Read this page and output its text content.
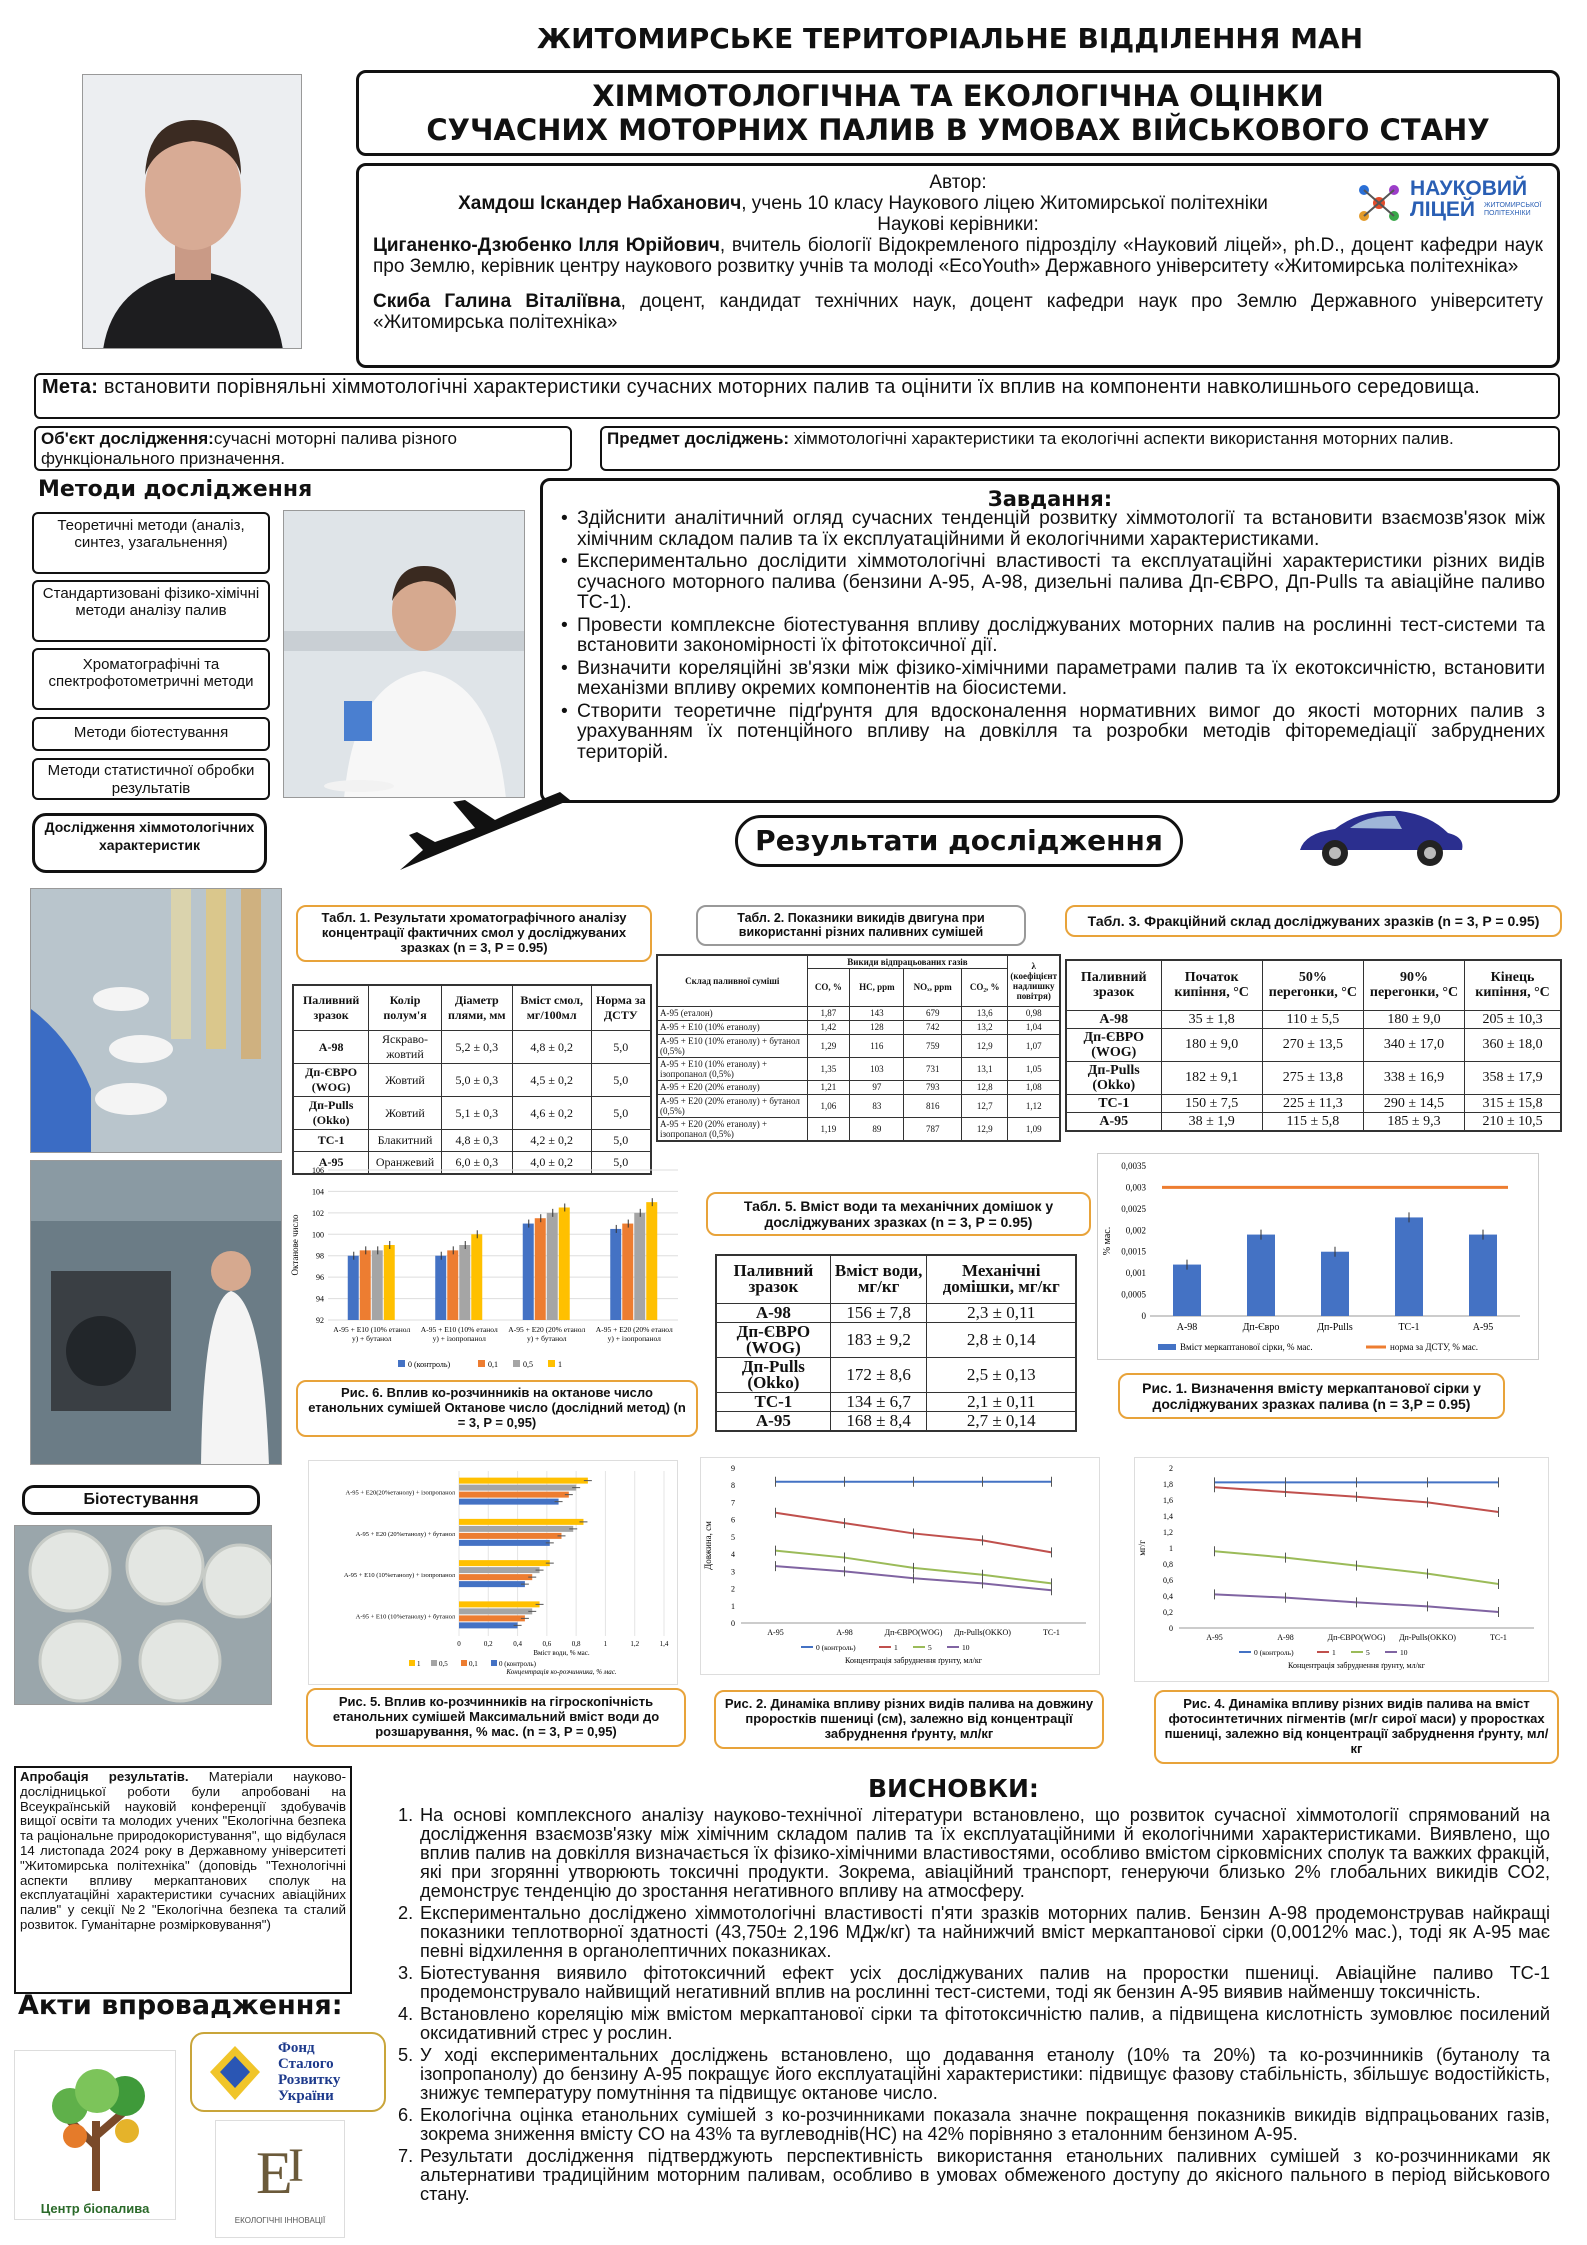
ЖИТОМИРСЬКЕ ТЕРИТОРІАЛЬНЕ ВІДДІЛЕННЯ МАН
ХІММОТОЛОГІЧНА ТА ЕКОЛОГІЧНА ОЦІНКИ
СУЧАСНИХ МОТОРНИХ ПАЛИВ В УМОВАХ ВІЙСЬКОВОГО СТАНУ
Автор:
Хамдош Іскандер Набханович, учень 10 класу Наукового ліцею Житомирської політехніки
Наукові керівники:
Циганенко-Дзюбенко Ілля Юрійович, вчитель біології Відокремленого підрозділу «Науковий ліцей», ph.D., доцент кафедри наук про Землю, керівник центру наукового розвитку учнів та молоді «EcoYouth» Державного університету «Житомирська політехніка»
Скиба Галина Віталіївна, доцент, кандидат технічних наук, доцент кафедри наук про Землю Державного університету «Житомирська політехніка»
НАУКОВИЙ
ЛІЦЕЙ ЖИТОМИРСЬКОЇ ПОЛІТЕХНІКИ
Мета: встановити порівняльні хіммотологічні характеристики сучасних моторних палив та оцінити їх вплив на компоненти навколишнього середовища.
Об'єкт дослідження:сучасні моторні палива різного функціонального призначення.
Предмет досліджень: хіммотологічні характеристики та екологічні аспекти використання моторних палив.
Методи дослідження
Теоретичні методи (аналіз, синтез, узагальнення)
Стандартизовані фізико-хімічні методи аналізу палив
Хроматографічні та спектрофотометричні методи
Методи біотестування
Методи статистичної обробки результатів
Завдання:
• Здійснити аналітичний огляд сучасних тенденцій розвитку хіммотології та встановити взаємозв'язок між хімічним складом палив та їх експлуатаційними й екологічними характеристиками.
• Експериментально дослідити хіммотологічні властивості та експлуатаційні характеристики різних видів сучасного моторного палива (бензини А-95, А-98, дизельні палива Дп-ЄВРО, Дп-Pulls та авіаційне паливо ТС-1).
• Провести комплексне біотестування впливу досліджуваних моторних палив на рослинні тест-системи та встановити закономірності їх фітотоксичної дії.
• Визначити кореляційні зв'язки між фізико-хімічними параметрами палив та їх екотоксичністю, встановити механізми впливу окремих компонентів на біосистеми.
• Створити теоретичне підґрунтя для вдосконалення нормативних вимог до якості моторних палив з урахуванням їх потенційного впливу на довкілля та розробки методів фіторемедіації забруднених територій.
Дослідження хіммотологічних характеристик	Результати дослідження
Табл. 1. Результати хроматографічного аналізу концентрації фактичних смол у досліджуваних зразках (n = 3, P = 0.95)
Паливний зразок	Колір полум'я	Діаметр плями, мм	Вміст смол, мг/100мл	Норма за ДСТУ
А-98	Яскраво-жовтий	5,2 ± 0,3	4,8 ± 0,2	5,0
Дп-ЄВРО (WOG)	Жовтий	5,0 ± 0,3	4,5 ± 0,2	5,0
Дп-Pulls (Okko)	Жовтий	5,1 ± 0,3	4,6 ± 0,2	5,0
ТС-1	Блакитний	4,8 ± 0,3	4,2 ± 0,2	5,0
А-95	Оранжевий	6,0 ± 0,3	4,0 ± 0,2	5,0
Табл. 2. Показники викидів двигуна при використанні різних паливних сумішей
Склад паливної суміші	Викиди відпрацьованих газів				λ (коефіцієнт надлишку повітря)
	CO, %	HC, ppm	NOₓ, ppm	CO₂, %	
А-95 (еталон)	1,87	143	679	13,6	0,98
А-95 + Е10 (10% етанолу)	1,42	128	742	13,2	1,04
А-95 + Е10 (10% етанолу) + бутанол (0,5%)	1,29	116	759	12,9	1,07
А-95 + Е10 (10% етанолу) + ізопропанол (0,5%)	1,35	103	731	13,1	1,05
А-95 + Е20 (20% етанолу)	1,21	97	793	12,8	1,08
А-95 + Е20 (20% етанолу) + бутанол (0,5%)	1,06	83	816	12,7	1,12
А-95 + Е20 (20% етанолу) + ізопропанол (0,5%)	1,19	89	787	12,9	1,09
Табл. 3. Фракційний склад досліджуваних зразків (n = 3, P = 0.95)
Паливний зразок	Початок кипіння, °C	50% перегонки, °C	90% перегонки, °C	Кінець кипіння, °C
А-98	35 ± 1,8	110 ± 5,5	180 ± 9,0	205 ± 10,3
Дп-ЄВРО (WOG)	180 ± 9,0	270 ± 13,5	340 ± 17,0	360 ± 18,0
Дп-Pulls (Okko)	182 ± 9,1	275 ± 13,8	338 ± 16,9	358 ± 17,9
ТС-1	150 ± 7,5	225 ± 11,3	290 ± 14,5	315 ± 15,8
А-95	38 ± 1,9	115 ± 5,8	185 ± 9,3	210 ± 10,5
Октанове число
92
94
96
98
100
102
104
106
А-95 + Е10 (10% етанол
у) + бутанол
А-95 + Е10 (10% етанол
у) + ізопропанол
А-95 + Е20 (20% етанол
у) + бутанол
А-95 + Е20 (20% етанол
у) + ізопропанол
0 (контроль)	0,1	0,5	1
Рис. 6. Вплив ко-розчинників на октанове число етанольних сумішей Октанове число (дослідний метод) (n = 3, P = 0,95)
Табл. 5. Вміст води та механічних домішок у досліджуваних зразках (n = 3, P = 0.95)
Паливний зразок	Вміст води, мг/кг	Механічні домішки, мг/кг
А-98	156 ± 7,8	2,3 ± 0,11
Дп-ЄВРО (WOG)	183 ± 9,2	2,8 ± 0,14
Дп-Pulls (Okko)	172 ± 8,6	2,5 ± 0,13
ТС-1	134 ± 6,7	2,1 ± 0,11
А-95	168 ± 8,4	2,7 ± 0,14
% мас.
0
0,0005
0,001
0,0015
0,002
0,0025
0,003
0,0035
А-98	Дп-Євро	Дп-Pulls	ТС-1	А-95
Вміст меркаптанової сірки, % мас.	норма за ДСТУ, % мас.
Рис. 1. Визначення вмісту меркаптанової сірки у досліджуваних зразках палива (n = 3,P = 0.95)
Біотестування
0	0,2	0,4	0,6	0,8	1	1,2	1,4
Вміст води, % мас.
Концентрація ко-розчинника, % мас.
А-95 + Е10 (10%етанолу) + бутанол
А-95 + Е10 (10%етанолу) + ізопропанол
А-95 + Е20 (20%етанолу) + бутанол
А-95 + Е20(20%етанолу) + ізопропанол
1	0,5	0,1	0 (контроль)
Рис. 5. Вплив ко-розчинників на гігроскопічність етанольних сумішей Максимальний вміст води до розшарування, % мас. (n = 3, P = 0,95)
Довжина, см
0
1
2
3
4
5
6
7
8
9
А-95	А-98	Дп-ЄВРО(WOG) Дп-Pulls(OKKO)	ТС-1
0 (контроль)	1	5	10
Концентрація забруднення ґрунту, мл/кг
Рис. 2. Динаміка впливу різних видів палива на довжину проростків пшениці (см), залежно від концентрації забруднення ґрунту, мл/кг
мг/г
0
0,2
0,4
0,6
0,8
1
1,2
1,4
1,6
1,8
2
А-95	А-98	Дп-ЄВРО(WOG) Дп-Pulls(OKKO)	ТС-1
0 (контроль)	1	5	10
Концентрація забруднення ґрунту, мл/кг
Рис. 4. Динаміка впливу різних видів палива на вміст фотосинтетичних пігментів (мг/г сирої маси) у проростках пшениці, залежно від концентрації забруднення ґрунту, мл/кг
Апробація результатів. Матеріали науково-дослідницької роботи були апробовані на Всеукраїнській науковій конференції здобувачів вищої освіти та молодих учених "Екологічна безпека та раціональне природокористування", що відбулася 14 листопада 2024 року в Державному університеті "Житомирська політехніка" (доповідь "Технологічні аспекти впливу меркаптанових сполук на експлуатаційні характеристики сучасних авіаційних палив" у секції №2 "Екологічна безпека та сталий розвиток. Гуманітарне розмірковування")
Акти впровадження:
Фонд
Сталого
Розвитку
України
Центр біопалива
Е
І
ЕКОЛОГІЧНІ ІННОВАЦІЇ
ВИСНОВКИ:
1. На основі комплексного аналізу науково-технічної літератури встановлено, що розвиток сучасної хіммотології спрямований на дослідження взаємозв'язку між хімічним складом палив та їх експлуатаційними й екологічними характеристиками. Виявлено, що вплив палив на довкілля визначається їх фізико-хімічними властивостями, особливо вмістом сірковмісних сполук та важких фракцій, які при згорянні утворюють токсичні продукти. Зокрема, авіаційний транспорт, генеруючи близько 2% глобальних викидів CO2, демонструє тенденцію до зростання негативного впливу на атмосферу.
2. Експериментально досліджено хіммотологічні властивості п'яти зразків моторних палив. Бензин А-98 продемонстрував найкращі показники теплотворної здатності (43,750± 2,196 МДж/кг) та найнижчий вміст меркаптанової сірки (0,0012% мас.), тоді як А-95 має певні відхилення в органолептичних показниках.
3. Біотестування виявило фітотоксичний ефект усіх досліджуваних палив на проростки пшениці. Авіаційне паливо ТС-1 продемонструвало найвищий негативний вплив на рослинні тест-системи, тоді як бензин А-95 виявив найменшу токсичність.
4. Встановлено кореляцію між вмістом меркаптанової сірки та фітотоксичністю палив, а підвищена кислотність зумовлює посилений оксидативний стрес у рослин.
5. У ході експериментальних досліджень встановлено, що додавання етанолу (10% та 20%) та ко-розчинників (бутанолу та ізопропанолу) до бензину А-95 покращує його експлуатаційні характеристики: підвищує фазову стабільність, збільшує водостійкість, знижує температуру помутніння та підвищує октанове число.
6. Екологічна оцінка етанольних сумішей з ко-розчинниками показала значне покращення показників викидів відпрацьованих газів, зокрема зниження вмісту CO на 43% та вуглеводнів(HC) на 42% порівняно з еталонним бензином А-95.
7. Результати дослідження підтверджують перспективність використання етанольних паливних сумішей з ко-розчинниками як альтернативи традиційним моторним паливам, особливо в умовах обмеженого доступу до якісного пального в період військового стану.
